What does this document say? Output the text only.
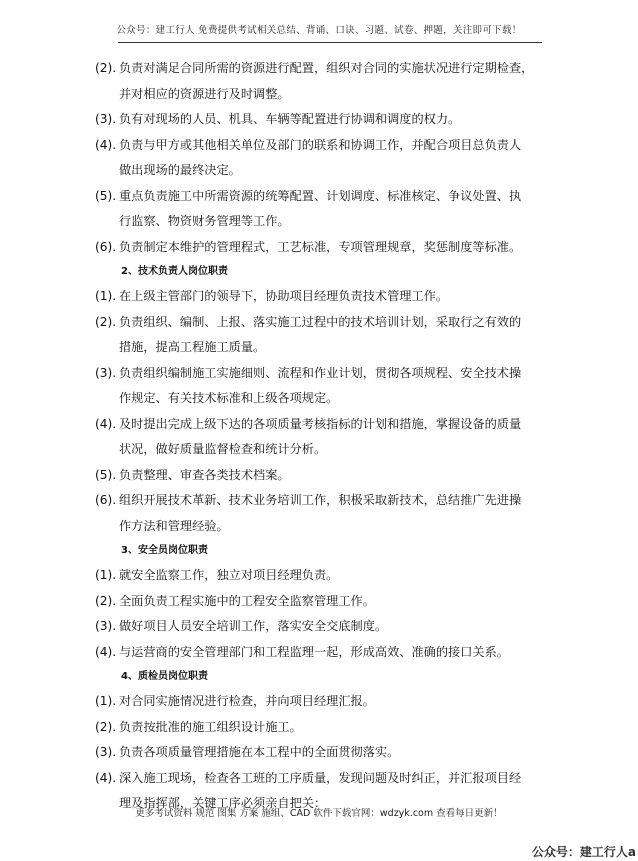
公众号：建工行人 免费提供考试相关总结、背诵、口诀、习题、试卷、押题，关注即可下载！
(2). 负责对满足合同所需的资源进行配置，组织对合同的实施状况进行定期检查，
并对相应的资源进行及时调整。
(3). 负有对现场的人员、机具、车辆等配置进行协调和调度的权力。
(4). 负责与甲方或其他相关单位及部门的联系和协调工作，并配合项目总负责人
做出现场的最终决定。
(5). 重点负责施工中所需资源的统筹配置、计划调度、标准核定、争议处置、执
行监察、物资财务管理等工作。
(6). 负责制定本维护的管理程式，工艺标准，专项管理规章，奖惩制度等标准。
2、技术负责人岗位职责
(1). 在上级主管部门的领导下，协助项目经理负责技术管理工作。
(2). 负责组织、编制、上报、落实施工过程中的技术培训计划，采取行之有效的
措施，提高工程施工质量。
(3). 负责组织编制施工实施细则、流程和作业计划，贯彻各项规程、安全技术操
作规定、有关技术标准和上级各项规定。
(4). 及时提出完成上级下达的各项质量考核指标的计划和措施，掌握设备的质量
状况，做好质量监督检查和统计分析。
(5). 负责整理、审查各类技术档案。
(6). 组织开展技术革新、技术业务培训工作，积极采取新技术，总结推广先进操
作方法和管理经验。
3、安全员岗位职责
(1). 就安全监察工作，独立对项目经理负责。
(2). 全面负责工程实施中的工程安全监察管理工作。
(3). 做好项目人员安全培训工作，落实安全交底制度。
(4). 与运营商的安全管理部门和工程监理一起，形成高效、准确的接口关系。
4、质检员岗位职责
(1). 对合同实施情况进行检查，并向项目经理汇报。
(2). 负责按批准的施工组织设计施工。
(3). 负责各项质量管理措施在本工程中的全面贯彻落实。
(4). 深入施工现场，检查各工班的工序质量，发现问题及时纠正，并汇报项目经
理及指挥部，关键工序必须亲自把关：
更多考试资料 规范 图集 方案 施组、CAD 软件下载官网：wdzyk.com 查看每日更新！
公众号：建工行人a
